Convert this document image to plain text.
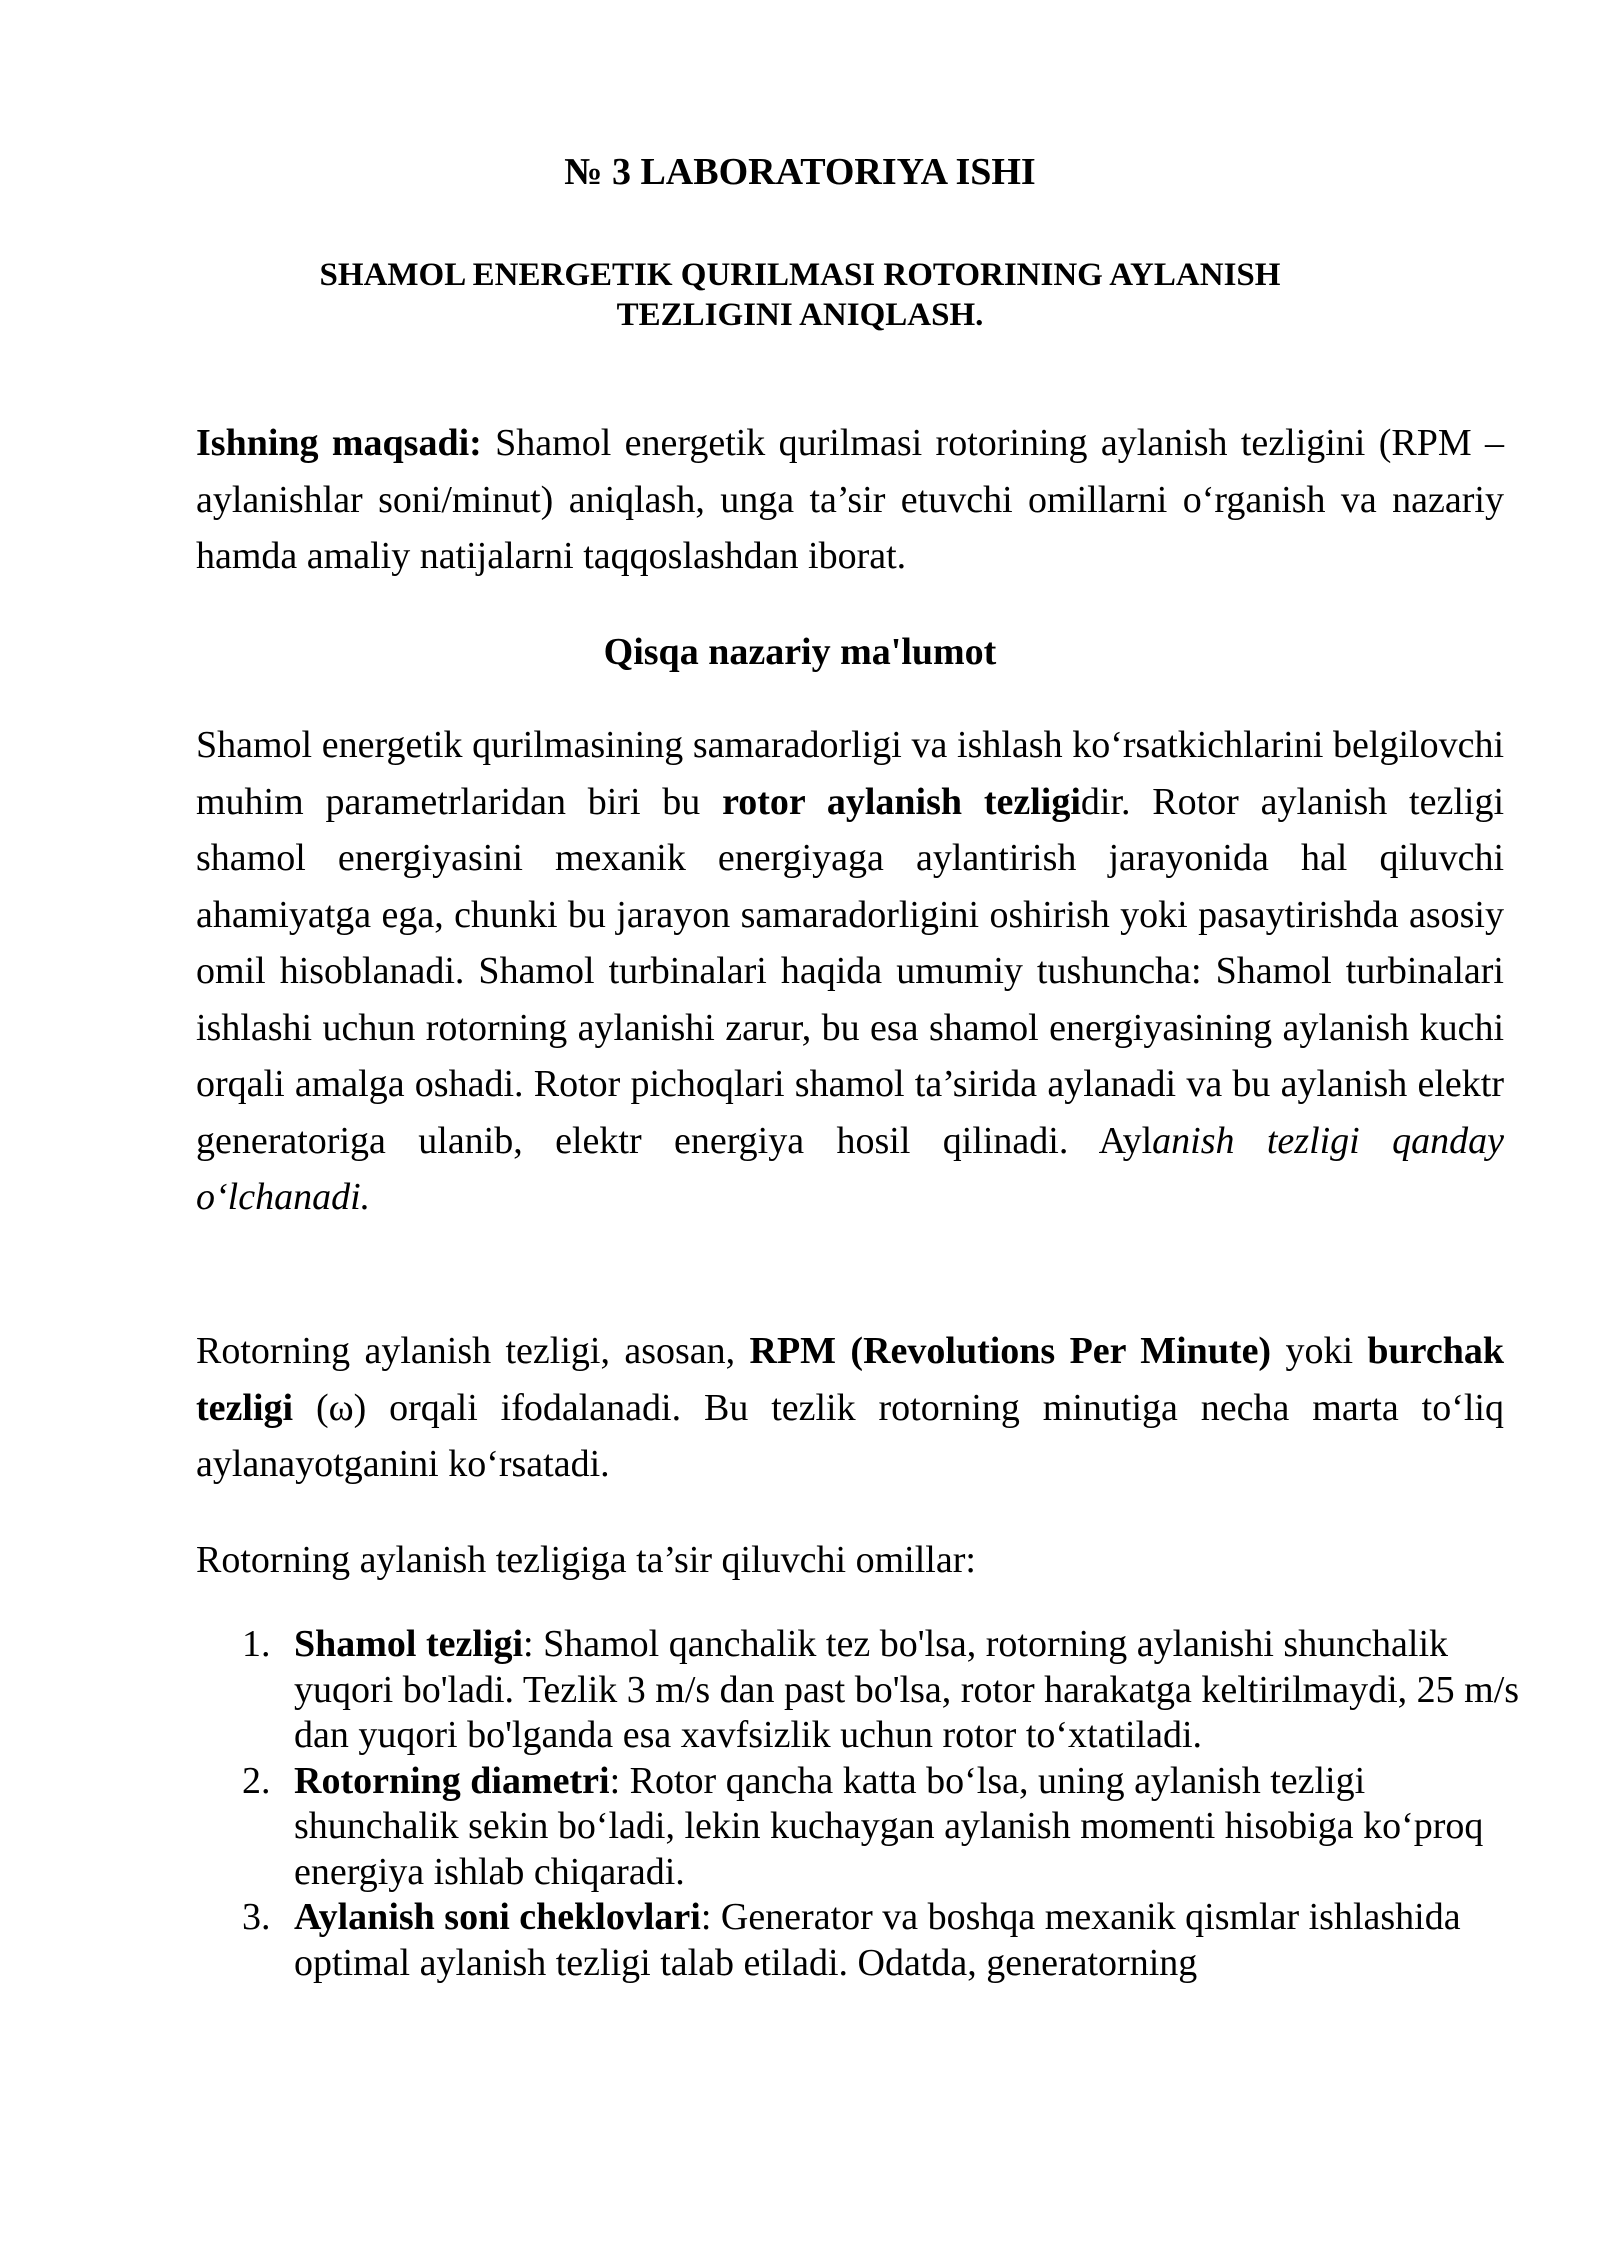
№ 3 LABORATORIYA ISHI
SHAMOL ENERGETIK QURILMASI ROTORINING AYLANISH
TEZLIGINI ANIQLASH.

Ishning maqsadi: Shamol energetik qurilmasi rotorining aylanish tezligini (RPM – aylanishlar soni/minut) aniqlash, unga ta’sir etuvchi omillarni o‘rganish va nazariy hamda amaliy natijalarni taqqoslashdan iborat.

Qisqa nazariy ma'lumot

Shamol energetik qurilmasining samaradorligi va ishlash ko‘rsatkichlarini belgilovchi muhim parametrlaridan biri bu rotor aylanish tezligidir. Rotor aylanish tezligi shamol energiyasini mexanik energiyaga aylantirish jarayonida hal qiluvchi ahamiyatga ega, chunki bu jarayon samaradorligini oshirish yoki pasaytirishda asosiy omil hisoblanadi. Shamol turbinalari haqida umumiy tushuncha: Shamol turbinalari ishlashi uchun rotorning aylanishi zarur, bu esa shamol energiyasining aylanish kuchi orqali amalga oshadi. Rotor pichoqlari shamol ta’sirida aylanadi va bu aylanish elektr generatoriga ulanib, elektr energiya hosil qilinadi. Aylanish tezligi qanday o‘lchanadi.

Rotorning aylanish tezligi, asosan, RPM (Revolutions Per Minute) yoki burchak tezligi (ω) orqali ifodalanadi. Bu tezlik rotorning minutiga necha marta to‘liq aylanayotganini ko‘rsatadi.

Rotorning aylanish tezligiga ta’sir qiluvchi omillar:

1. Shamol tezligi: Shamol qanchalik tez bo'lsa, rotorning aylanishi shunchalik yuqori bo'ladi. Tezlik 3 m/s dan past bo'lsa, rotor harakatga keltirilmaydi, 25 m/s dan yuqori bo'lganda esa xavfsizlik uchun rotor to‘xtatiladi.
2. Rotorning diametri: Rotor qancha katta bo‘lsa, uning aylanish tezligi shunchalik sekin bo‘ladi, lekin kuchaygan aylanish momenti hisobiga ko‘proq energiya ishlab chiqaradi.
3. Aylanish soni cheklovlari: Generator va boshqa mexanik qismlar ishlashida optimal aylanish tezligi talab etiladi. Odatda, generatorning
